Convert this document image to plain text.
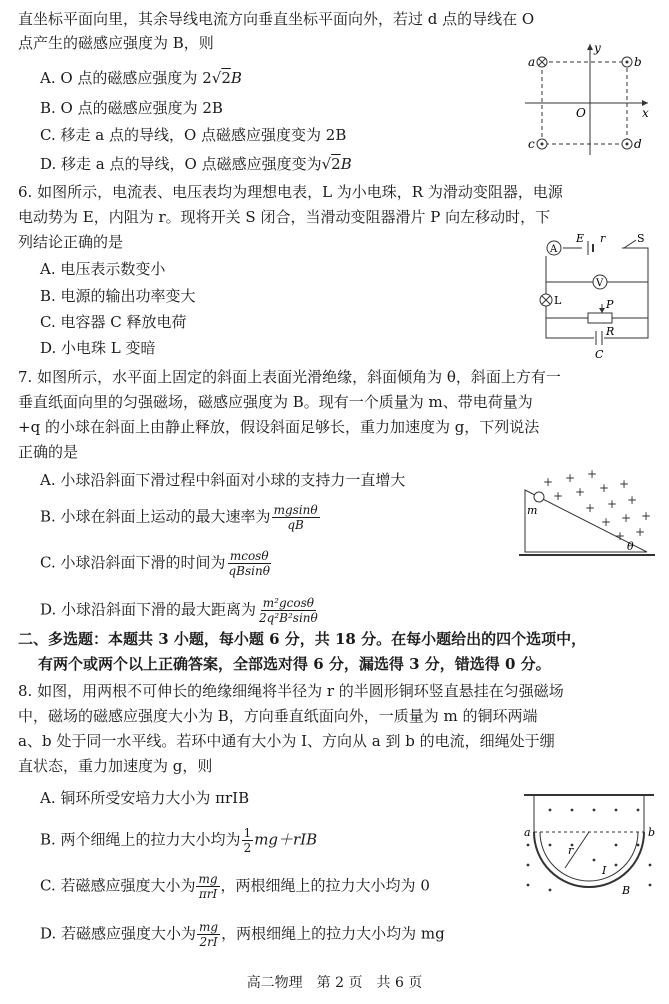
直坐标平面向里，其余导线电流方向垂直坐标平面向外，若过 d 点的导线在 O
点产生的磁感应强度为 B，则
A. O 点的磁感应强度为 2√2B
B. O 点的磁感应强度为 2B
C. 移走 a 点的导线，O 点磁感应强度变为 2B
D. 移走 a 点的导线，O 点磁感应强度变为√2B
a	b
c	d
O	x
y
6. 如图所示，电流表、电压表均为理想电表，L 为小电珠，R 为滑动变阻器，电源
电动势为 E，内阻为 r。现将开关 S 闭合，当滑动变阻器滑片 P 向左移动时，下
列结论正确的是
A. 电压表示数变小
B. 电源的输出功率变大
C. 电容器 C 释放电荷
D. 小电珠 L 变暗
A
E r	S
V
L	P
R
C
7. 如图所示，水平面上固定的斜面上表面光滑绝缘，斜面倾角为 θ，斜面上方有一
垂直纸面向里的匀强磁场，磁感应强度为 B。现有一个质量为 m、带电荷量为
+q 的小球在斜面上由静止释放，假设斜面足够长，重力加速度为 g，下列说法
正确的是
A. 小球沿斜面下滑过程中斜面对小球的支持力一直增大
B. 小球在斜面上运动的最大速率为 $\frac{mgsin\theta}{qB}$
C. 小球沿斜面下滑的时间为 $\frac{mcos\theta}{qBsin\theta}$
D. 小球沿斜面下滑的最大距离为 $\frac{\text{m²gcosθ}}{\text{2q²B²sinθ}}$
+ + +
+ + + +
+ + +
+ + +
+ +
m
θ
二、多选题：本题共 3 小题，每小题 6 分，共 18 分。在每小题给出的四个选项中，
有两个或两个以上正确答案，全部选对得 6 分，漏选得 3 分，错选得 0 分。
8. 如图，用两根不可伸长的绝缘细绳将半径为 r 的半圆形铜环竖直悬挂在匀强磁场
中，磁场的磁感应强度大小为 B，方向垂直纸面向外，一质量为 m 的铜环两端
a、b 处于同一水平线。若环中通有大小为 I、方向从 a 到 b 的电流，细绳处于绷
直状态，重力加速度为 g，则
A. 铜环所受安培力大小为 πrIB
B. 两个细绳上的拉力大小均为 $\frac{1}{2} mg+rIB$
C. 若磁感应强度大小为 $\frac{mg}{\text{πrI}}$ ，两根细绳上的拉力大小均为 0
D. 若磁感应强度大小为 $\frac{mg}{2rI}$ ，两根细绳上的拉力大小均为 mg
a	b
r
I
B
高二物理　第 2 页　共 6 页
